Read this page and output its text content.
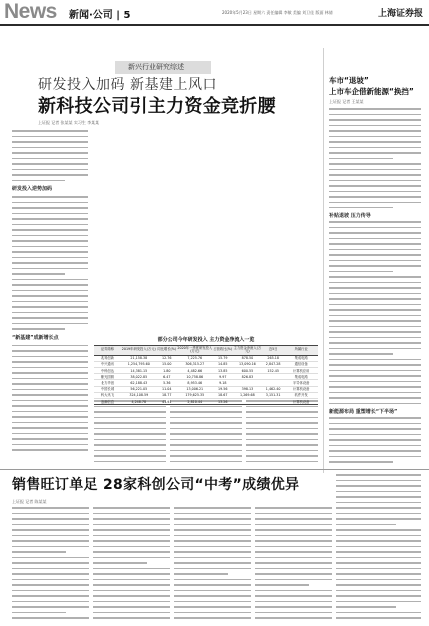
News 新闻·公司 | 5	2020年5月23日 星期六 责任编辑 李敏 美编 刘卫佳 版面 林倩	上海证券报
新兴行业研究综述
研发投入加码 新基建上风口
新科技公司引主力资金竞折腰
上证报 记者 张某某 实习生 李某某
研发投入逆势加码
“新基建”成新增长点	部分公司今年研发投入 主力资金净流入一览
证券简称	2019年研发投入(万元)	同比增长(%)	2020年一季度研发投入(万元)	占营收比(%)	主力资金净流入(万元)	近5日	所属行业
兆易创新	21,158.38	12.76	7,225.76	15.79	878.50	265.18	集成电路
中兴通讯	1,254,795.60	15.00	306,315.27	14.85	13,090.16	2,847.28	通信设备
中科创达	14,381.15	1.80	4,482.66	13.85	600.55	152.45	计算机应用
紫光国微	38,022.85	6.47	10,758.86	9.97	826.83		集成电路
北方华创	62,188.43	5.36	8,953.46	9.18			半导体设备
中国长城	56,221.05	11.04	13,006.21	19.56	398.13	1,462.40	计算机设备
科大讯飞	324,108.59	18.77	179,625.35	18.67	1,269.68	3,151.31	软件开发
浪潮信息	4,248.78	41.91	2,810.44	13.26			计算机设备
车市“退坡”
上市车企借新能源“换挡”
上证报 记者 王某某
补贴退坡 压力传导
新能源布局 重塑增长“下半场”
销售旺订单足 28家科创公司“中考”成绩优异
上证报 记者 陈某某
